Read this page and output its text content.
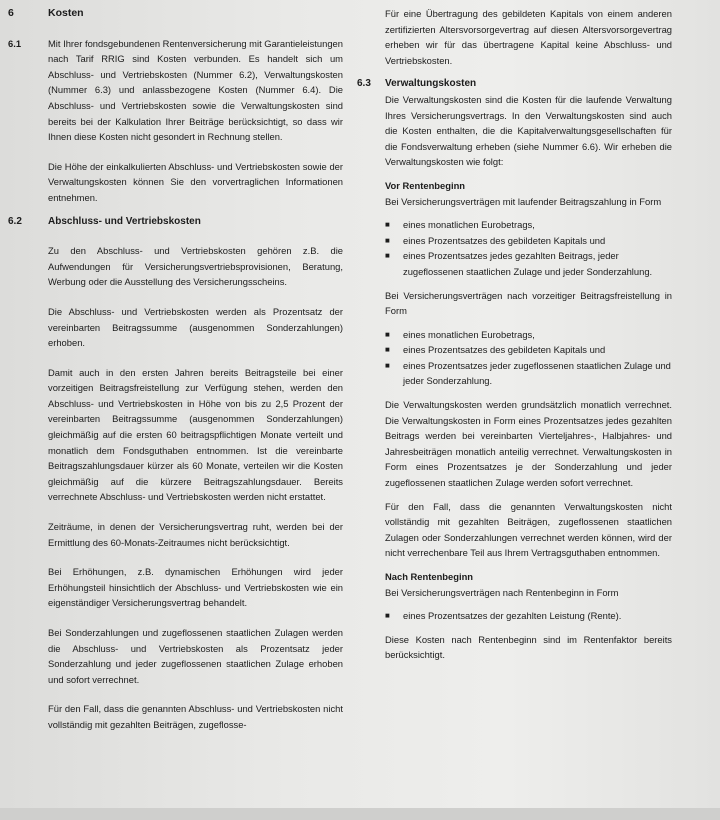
6	Kosten
6.1	Mit Ihrer fondsgebundenen Rentenversicherung mit Garantieleistungen nach Tarif RRIG sind Kosten verbunden. Es handelt sich um Abschluss- und Vertriebskosten (Nummer 6.2), Verwaltungskosten (Nummer 6.3) und anlassbezogene Kosten (Nummer 6.4). Die Abschluss- und Vertriebskosten sowie die Verwaltungskosten sind bereits bei der Kalkulation Ihrer Beiträge berücksichtigt, so dass wir Ihnen diese Kosten nicht gesondert in Rechnung stellen.

Die Höhe der einkalkulierten Abschluss- und Vertriebskosten sowie der Verwaltungskosten können Sie den vorvertraglichen Informationen entnehmen.

6.2	Abschluss- und Vertriebskosten

Zu den Abschluss- und Vertriebskosten gehören z.B. die Aufwendungen für Versicherungsvertriebsprovisionen, Beratung, Werbung oder die Ausstellung des Versicherungsscheins.

Die Abschluss- und Vertriebskosten werden als Prozentsatz der vereinbarten Beitragssumme (ausgenommen Sonderzahlungen) erhoben.

Damit auch in den ersten Jahren bereits Beitragsteile bei einer vorzeitigen Beitragsfreistellung zur Verfügung stehen, werden den Abschluss- und Vertriebskosten in Höhe von bis zu 2,5 Prozent der vereinbarten Beitragssumme (ausgenommen Sonderzahlungen) gleichmäßig auf die ersten 60 beitragspflichtigen Monate verteilt und monatlich dem Fondsguthaben entnommen. Ist die vereinbarte Beitragszahlungsdauer kürzer als 60 Monate, verteilen wir die Kosten gleichmäßig auf die kürzere Beitragszahlungsdauer. Bereits verrechnete Abschluss- und Vertriebskosten werden nicht erstattet.

Zeiträume, in denen der Versicherungsvertrag ruht, werden bei der Ermittlung des 60-Monats-Zeitraumes nicht berücksichtigt.

Bei Erhöhungen, z.B. dynamischen Erhöhungen wird jeder Erhöhungsteil hinsichtlich der Abschluss- und Vertriebskosten wie ein eigenständiger Versicherungsvertrag behandelt.

Bei Sonderzahlungen und zugeflossenen staatlichen Zulagen werden die Abschluss- und Vertriebskosten als Prozentsatz jeder Sonderzahlung und jeder zugeflossenen staatlichen Zulage erhoben und sofort verrechnet.

Für den Fall, dass die genannten Abschluss- und Vertriebskosten nicht vollständig mit gezahlten Beiträgen, zugeflosse-

Für eine Übertragung des gebildeten Kapitals von einem anderen zertifizierten Altersvorsorgevertrag auf diesen Altersvorsorgevertrag erheben wir für das übertragene Kapital keine Abschluss- und Vertriebskosten.

6.3	Verwaltungskosten

Die Verwaltungskosten sind die Kosten für die laufende Verwaltung Ihres Versicherungsvertrags. In den Verwaltungskosten sind auch die Kosten enthalten, die die Kapitalverwaltungsgesellschaften für die Fondsverwaltung erheben (siehe Nummer 6.6). Wir erheben die Verwaltungskosten wie folgt:

Vor Rentenbeginn

Bei Versicherungsverträgen mit laufender Beitragszahlung in Form

■	eines monatlichen Eurobetrags,
■	eines Prozentsatzes des gebildeten Kapitals und
■	eines Prozentsatzes jedes gezahlten Beitrags, jeder zugeflossenen staatlichen Zulage und jeder Sonderzahlung.

Bei Versicherungsverträgen nach vorzeitiger Beitragsfreistellung in Form

■	eines monatlichen Eurobetrags,
■	eines Prozentsatzes des gebildeten Kapitals und
■	eines Prozentsatzes jeder zugeflossenen staatlichen Zulage und jeder Sonderzahlung.

Die Verwaltungskosten werden grundsätzlich monatlich verrechnet. Die Verwaltungskosten in Form eines Prozentsatzes jedes gezahlten Beitrags werden bei vereinbarten Vierteljahres-, Halbjahres- und Jahresbeiträgen monatlich anteilig verrechnet. Verwaltungskosten in Form eines Prozentsatzes je der Sonderzahlung und jeder zugeflossenen staatlichen Zulage werden sofort verrechnet.

Für den Fall, dass die genannten Verwaltungskosten nicht vollständig mit gezahlten Beiträgen, zugeflossenen staatlichen Zulagen oder Sonderzahlungen verrechnet werden können, wird der nicht verrechenbare Teil aus Ihrem Vertragsguthaben entnommen.

Nach Rentenbeginn

Bei Versicherungsverträgen nach Rentenbeginn in Form

■	eines Prozentsatzes der gezahlten Leistung (Rente).

Diese Kosten nach Rentenbeginn sind im Rentenfaktor bereits berücksichtigt.
